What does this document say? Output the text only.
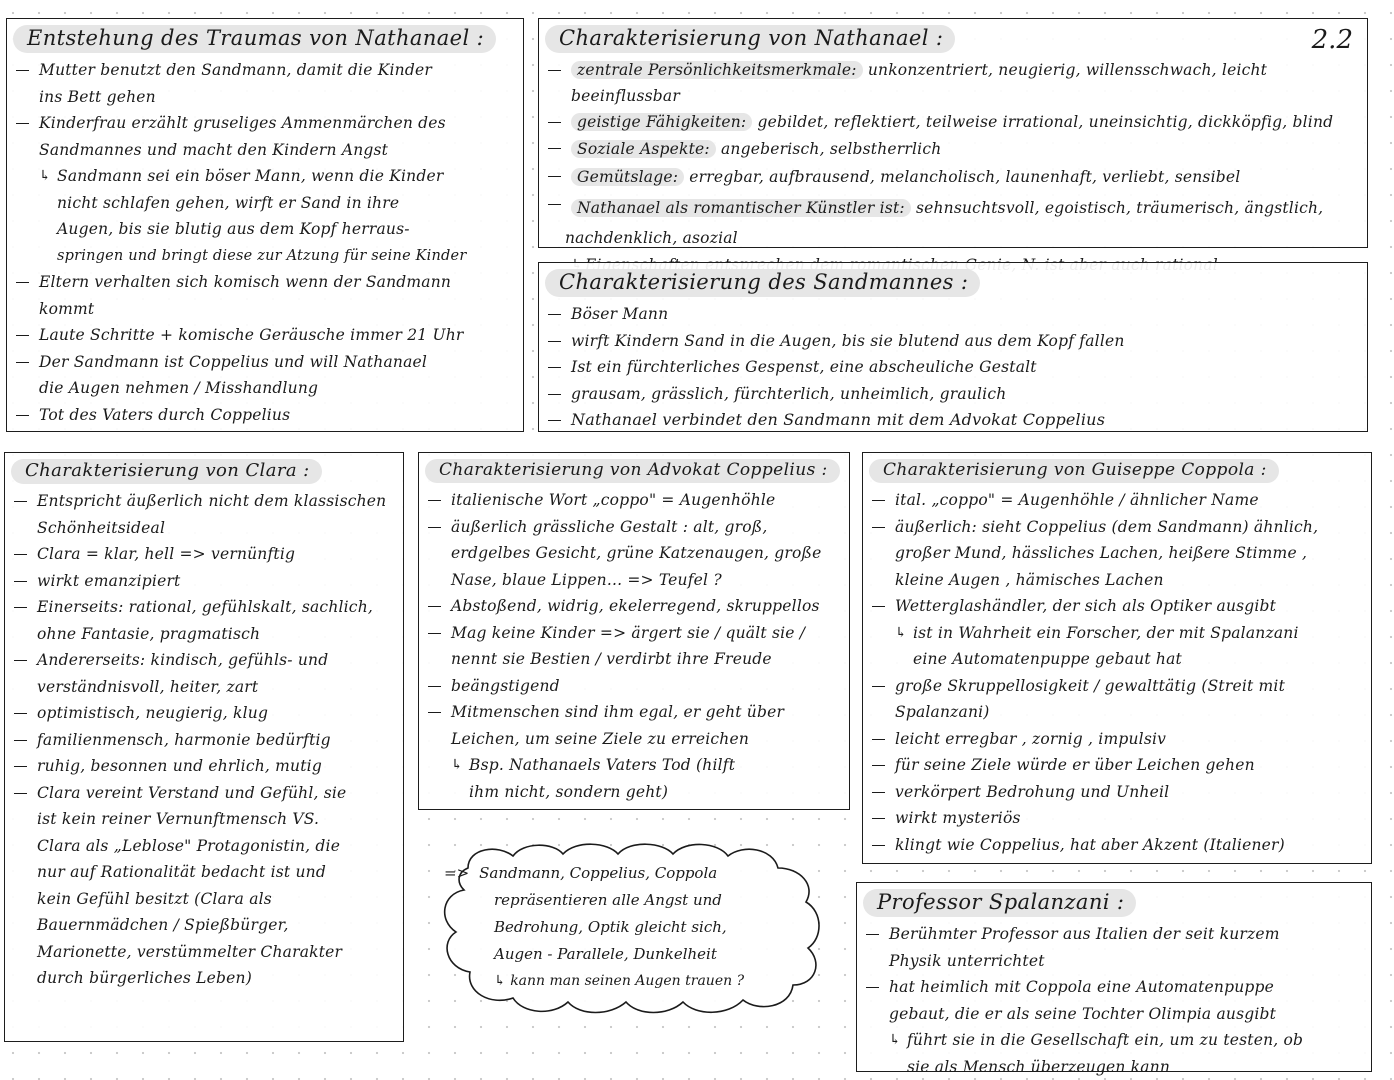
Entstehung des Traumas von Nathanael :
Mutter benutzt den Sandmann, damit die Kinder
ins Bett gehen
Kinderfrau erzählt gruseliges Ammenmärchen des
Sandmannes und macht den Kindern Angst
↳ Sandmann sei ein böser Mann, wenn die Kinder
nicht schlafen gehen, wirft er Sand in ihre
Augen, bis sie blutig aus dem Kopf herraus-
springen und bringt diese zur Atzung für seine Kinder
Eltern verhalten sich komisch wenn der Sandmann
kommt
Laute Schritte + komische Geräusche immer 21 Uhr
Der Sandmann ist Coppelius und will Nathanael
die Augen nehmen / Misshandlung
Tot des Vaters durch Coppelius
Charakterisierung von Nathanael :	2.2
zentrale Persönlichkeitsmerkmale: unkonzentriert, neugierig, willensschwach, leicht beeinflussbar
geistige Fähigkeiten: gebildet, reflektiert, teilweise irrational, uneinsichtig, dickköpfig, blind
Soziale Aspekte: angeberisch, selbstherrlich
Gemütslage: erregbar, aufbrausend, melancholisch, launenhaft, verliebt, sensibel
Nathanael als romantischer Künstler ist: sehnsuchtsvoll, egoistisch, träumerisch, ängstlich,
nachdenklich, asozial
↳
Charakterisierung des Sandmannes :
Böser Mann
wirft Kindern Sand in die Augen, bis sie blutend aus dem Kopf fallen
Ist ein fürchterliches Gespenst, eine abscheuliche Gestalt
grausam, grässlich, fürchterlich, unheimlich, graulich
Nathanael verbindet den Sandmann mit dem Advokat Coppelius
Charakterisierung von Clara :
Entspricht äußerlich nicht dem klassischen
Schönheitsideal
Clara = klar, hell => vernünftig
wirkt emanzipiert
Einerseits: rational, gefühlskalt, sachlich,
ohne Fantasie, pragmatisch
Andererseits: kindisch, gefühls- und
verständnisvoll, heiter, zart
optimistisch, neugierig, klug
familienmensch, harmonie bedürftig
ruhig, besonnen und ehrlich, mutig
Clara vereint Verstand und Gefühl, sie
ist kein reiner Vernunftmensch VS.
Clara als „Leblose" Protagonistin, die
nur auf Rationalität bedacht ist und
kein Gefühl besitzt (Clara als
Bauernmädchen / Spießbürger,
Marionette, verstümmelter Charakter
durch bürgerliches Leben)
Charakterisierung von Advokat Coppelius :
italienische Wort „coppo" = Augenhöhle
äußerlich grässliche Gestalt : alt, groß,
erdgelbes Gesicht, grüne Katzenaugen, große
Nase, blaue Lippen... => Teufel ?
Abstoßend, widrig, ekelerregend, skruppellos
Mag keine Kinder => ärgert sie / quält sie /
nennt sie Bestien / verdirbt ihre Freude
beängstigend
Mitmenschen sind ihm egal, er geht über
Leichen, um seine Ziele zu erreichen
↳ Bsp. Nathanaels Vaters Tod (hilft
ihm nicht, sondern geht)
Charakterisierung von Guiseppe Coppola :
ital. „coppo" = Augenhöhle / ähnlicher Name
äußerlich: sieht Coppelius (dem Sandmann) ähnlich,
großer Mund, hässliches Lachen, heißere Stimme ,
kleine Augen , hämisches Lachen
Wetterglashändler, der sich als Optiker ausgibt
↳ ist in Wahrheit ein Forscher, der mit Spalanzani
eine Automatenpuppe gebaut hat
große Skruppellosigkeit / gewalttätig (Streit mit
Spalanzani)
leicht erregbar , zornig , impulsiv
für seine Ziele würde er über Leichen gehen
verkörpert Bedrohung und Unheil
wirkt mysteriös
klingt wie Coppelius, hat aber Akzent (Italiener)
Professor Spalanzani :
Berühmter Professor aus Italien der seit kurzem
Physik unterrichtet
hat heimlich mit Coppola eine Automatenpuppe
gebaut, die er als seine Tochter Olimpia ausgibt
↳ führt sie in die Gesellschaft ein, um zu testen, ob
sie als Mensch überzeugen kann
=> Sandmann, Coppelius, Coppola
repräsentieren alle Angst und
Bedrohung, Optik gleicht sich,
Augen - Parallele, Dunkelheit
↳ kann man seinen Augen trauen ?
